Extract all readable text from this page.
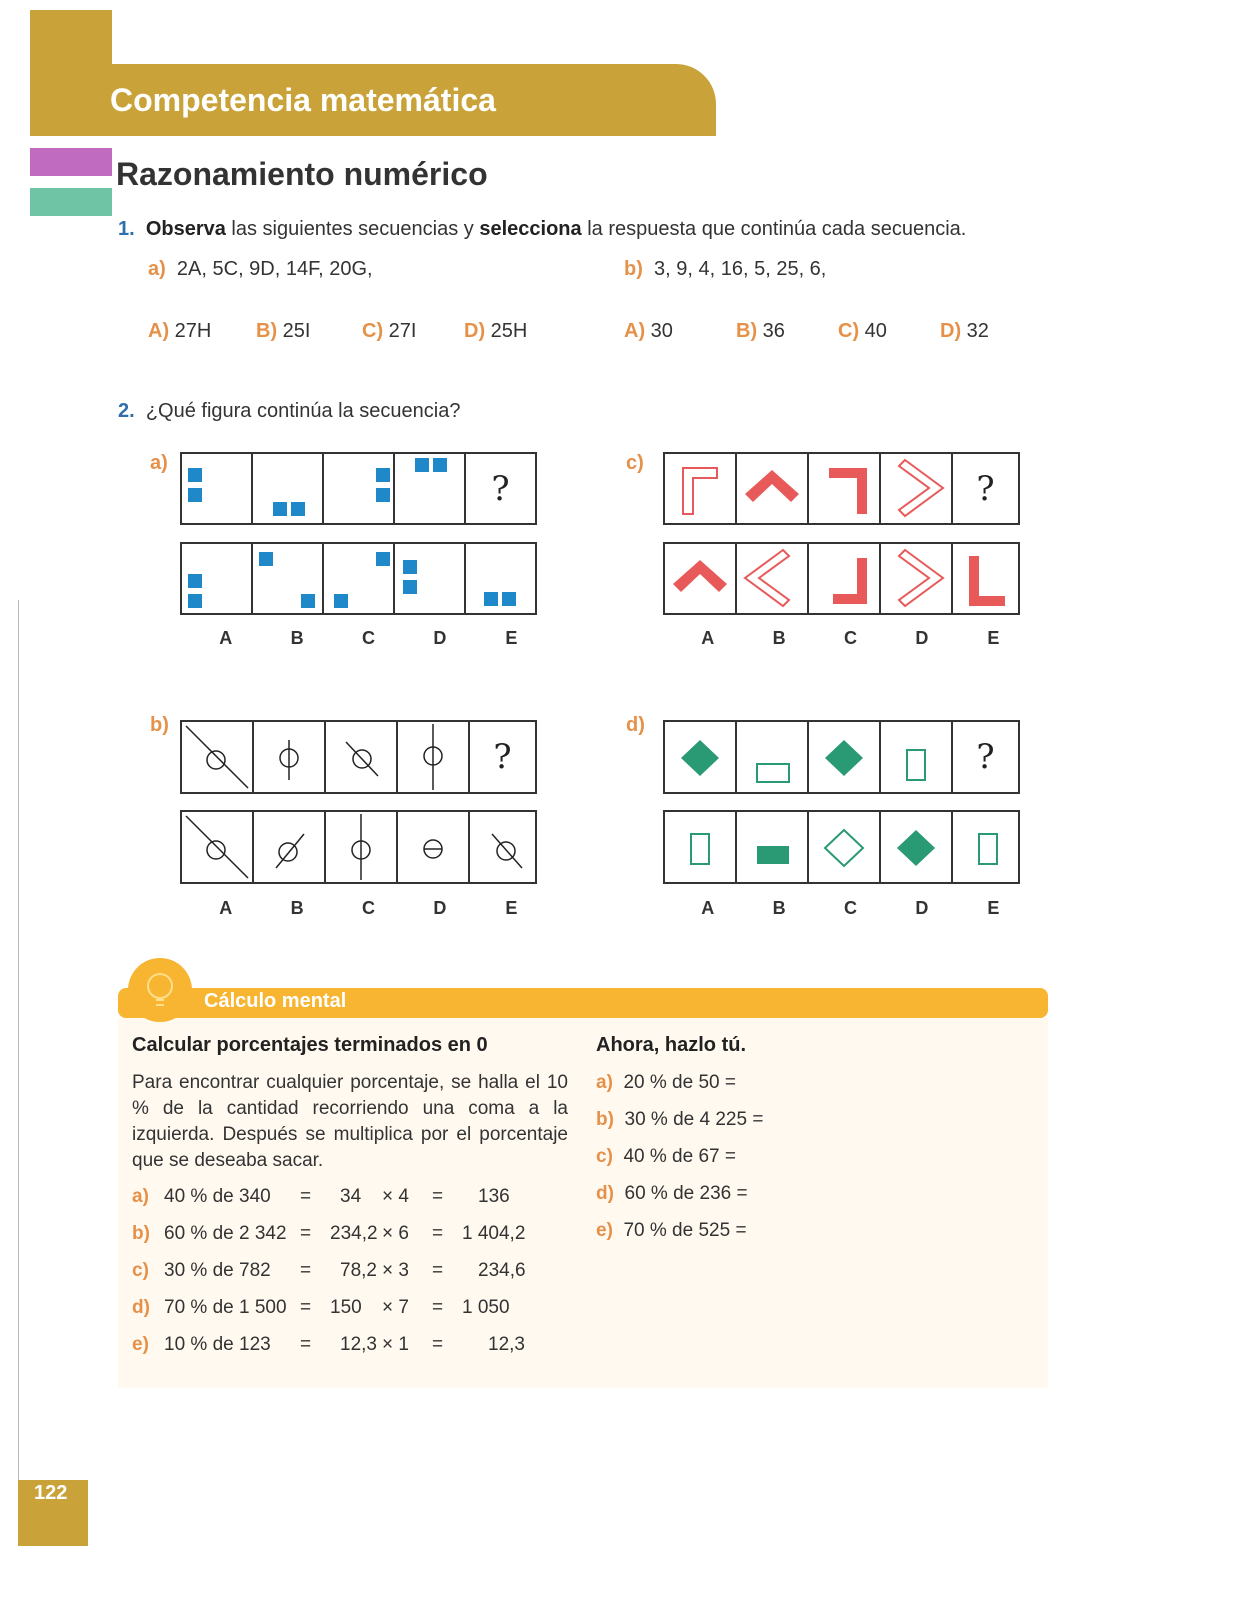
Competencia matemática
Razonamiento numérico
1. Observa las siguientes secuencias y selecciona la respuesta que continúa cada secuencia.
a) 2A, 5C, 9D, 14F, 20G,	b) 3, 9, 4, 16, 5, 25, 6,
A) 27H B) 25I	C) 27I D) 25H	A) 30	B) 36	C) 40	D) 32
2. ¿Qué figura continúa la secuencia?
a)
?
A	B	C	D	E
c)
?
A	B	C	D	E
b)
?
A	B	C	D	E
d)
?
A	B	C	D	E
Cálculo mental
Calcular porcentajes terminados en 0
Para encontrar cualquier porcentaje, se halla el 10 % de la cantidad recorriendo una coma a la izquierda. Después se multiplica por el porcentaje que se deseaba sacar.
a) 40 % de 340 = 34 × 4 = 136
b) 60 % de 2 342 = 234,2 × 6 = 1 404,2
c) 30 % de 782 = 78,2 × 3 = 234,6
d) 70 % de 1 500 = 150 × 7 = 1 050
e) 10 % de 123 = 12,3 × 1 = 12,3
Ahora, hazlo tú.
a) 20 % de 50 =
b) 30 % de 4 225 =
c) 40 % de 67 =
d) 60 % de 236 =
e) 70 % de 525 =
122
